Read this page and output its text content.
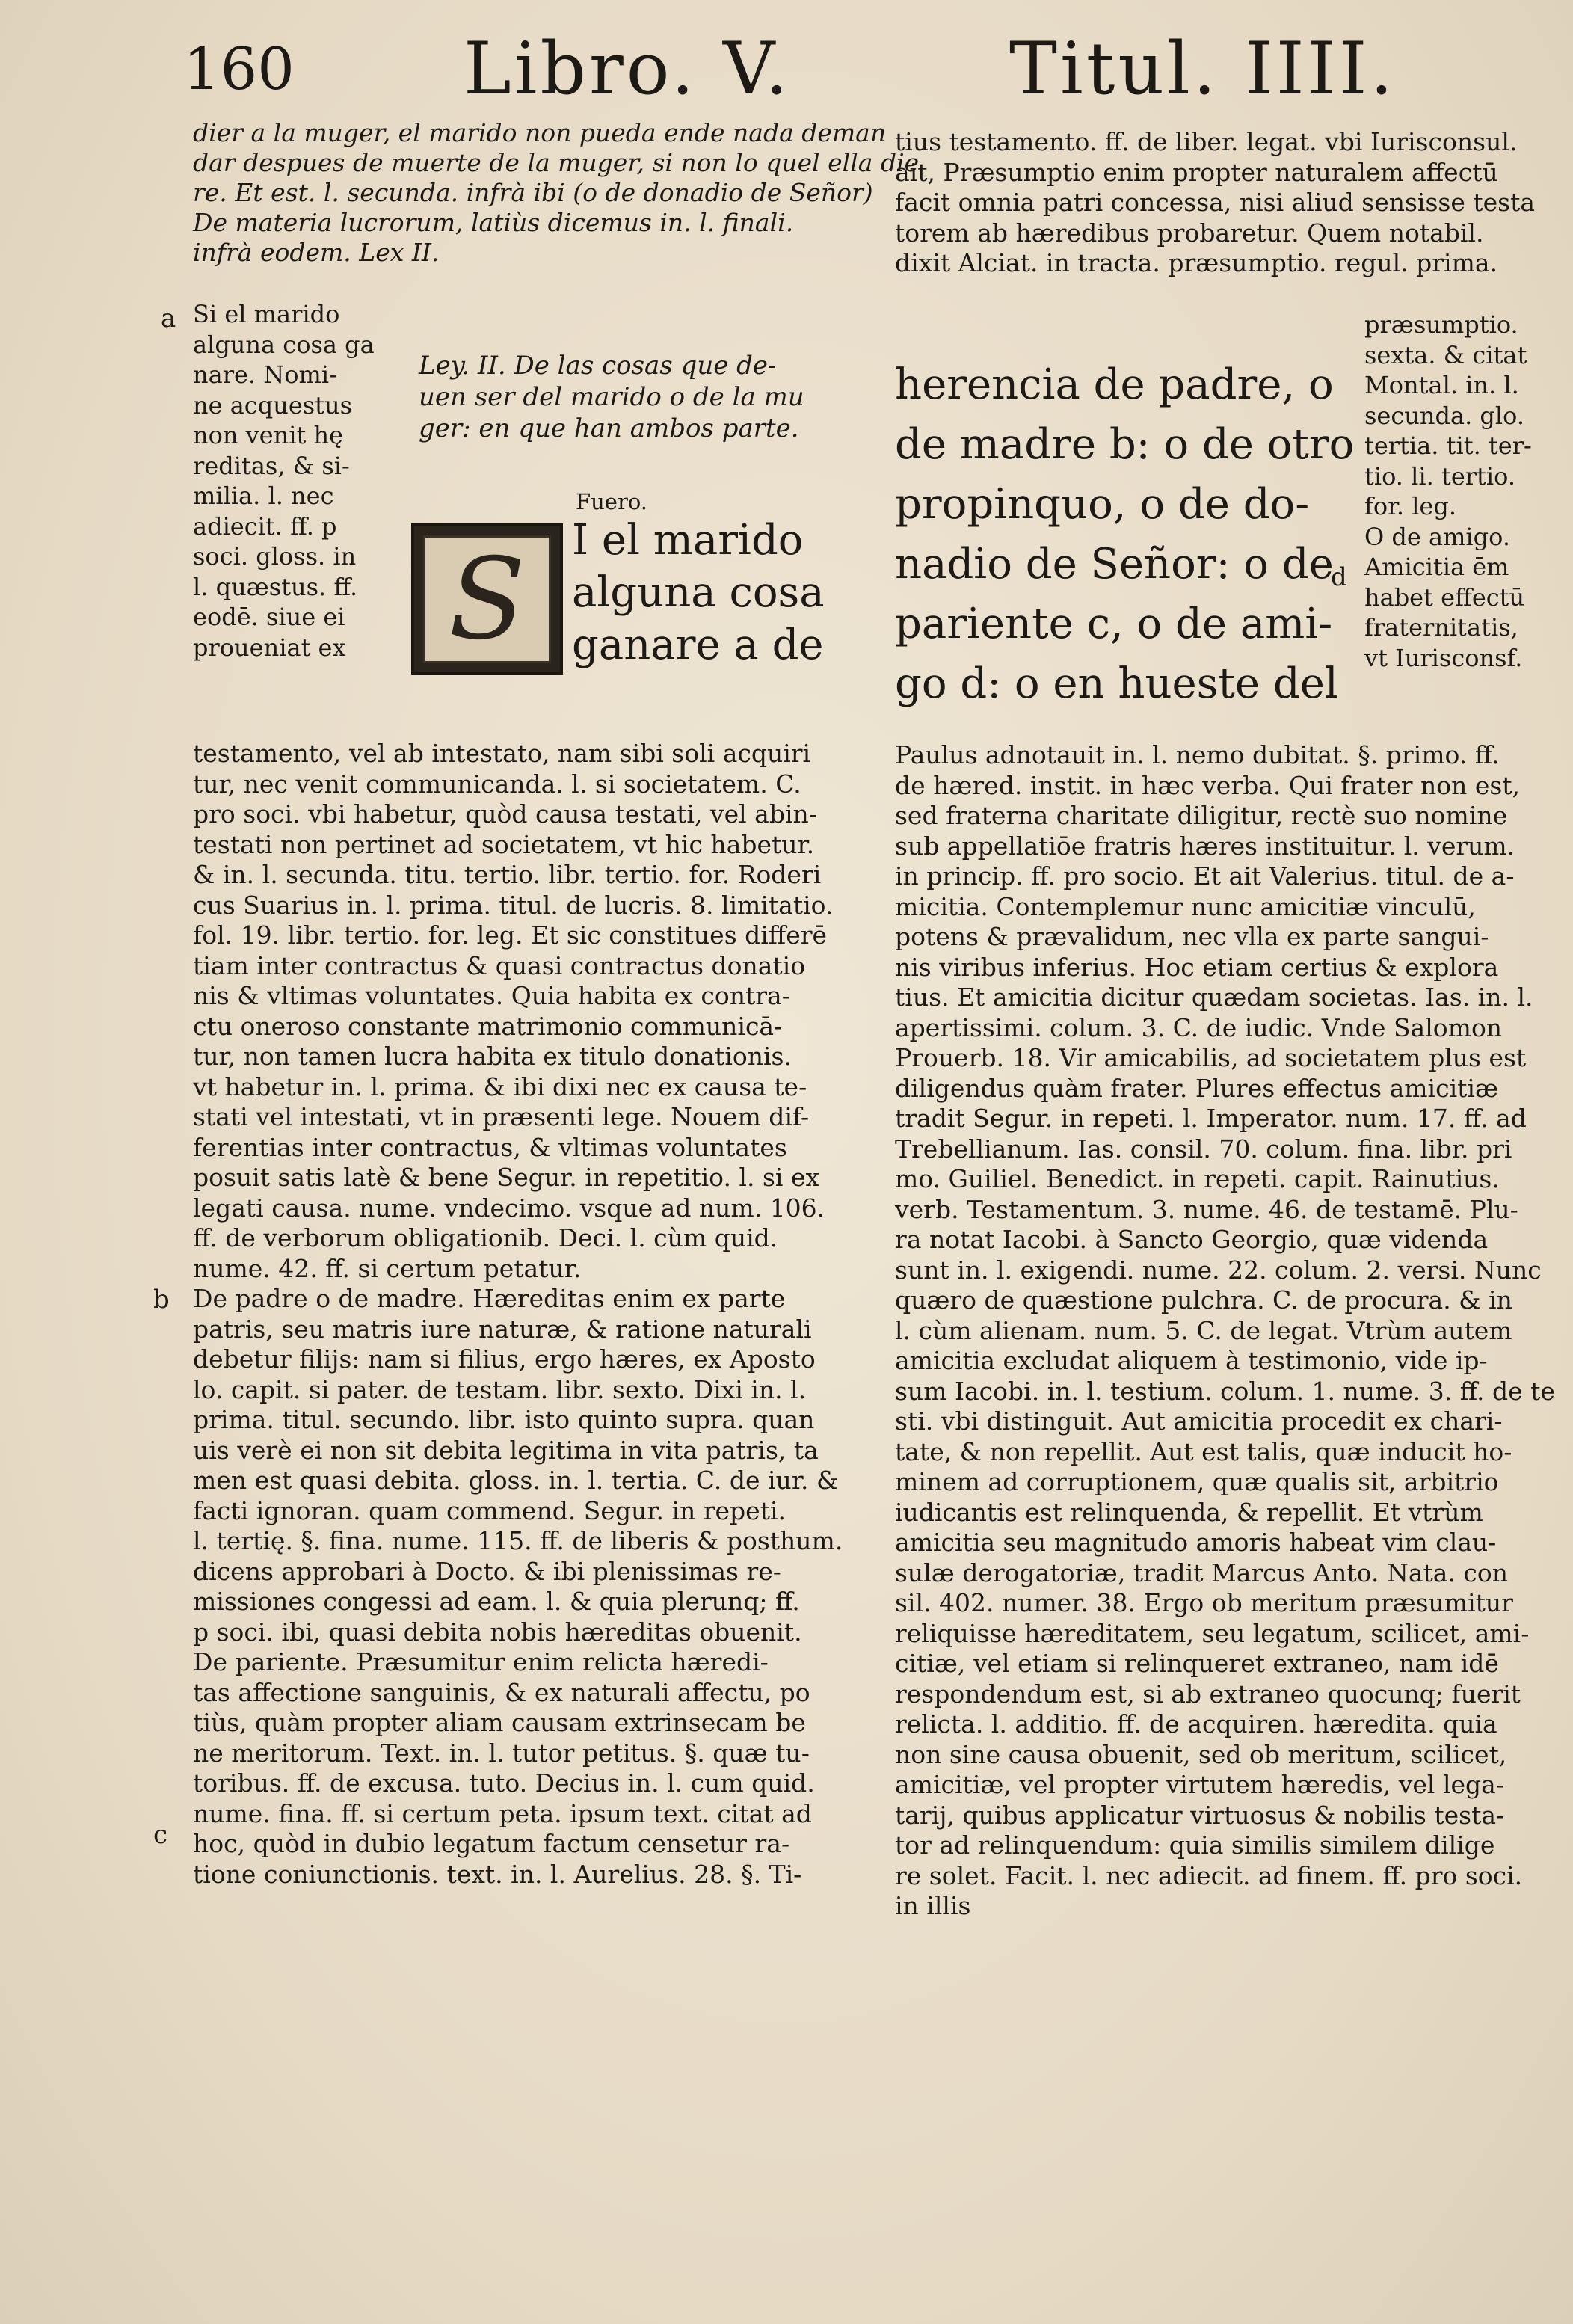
160 Libro. V.	Titul. IIII.
dier a la muger, el marido non pueda ende nada deman
dar despues de muerte de la muger, si non lo quel ella die
re. Et est. l. secunda. infrà ibi (o de donadio de Señor)
De materia lucrorum, latiùs dicemus in. l. finali.
infrà eodem. Lex II.
a Si el marido
alguna cosa ga
nare. Nomi-
ne acquestus
non venit hę
reditas, & si-
milia. l. nec
adiecit. ff. p
soci. gloss. in
l. quæstus. ff.
eodē. siue ei
proueniat ex
Ley. II. De las cosas que de-
uen ser del marido o de la mu
ger: en que han ambos parte.
Fuero.
S I el marido
alguna cosa
ganare a de
testamento, vel ab intestato, nam sibi soli acquiri
tur, nec venit communicanda. l. si societatem. C.
pro soci. vbi habetur, quòd causa testati, vel abin-
testati non pertinet ad societatem, vt hic habetur.
& in. l. secunda. titu. tertio. libr. tertio. for. Roderi
cus Suarius in. l. prima. titul. de lucris. 8. limitatio.
fol. 19. libr. tertio. for. leg. Et sic constitues differē
tiam inter contractus & quasi contractus donatio
nis & vltimas voluntates. Quia habita ex contra-
ctu oneroso constante matrimonio communicā-
tur, non tamen lucra habita ex titulo donationis.
vt habetur in. l. prima. & ibi dixi nec ex causa te-
stati vel intestati, vt in præsenti lege. Nouem dif-
ferentias inter contractus, & vltimas voluntates
posuit satis latè & bene Segur. in repetitio. l. si ex
legati causa. nume. vndecimo. vsque ad num. 106.
ff. de verborum obligationib. Deci. l. cùm quid.
nume. 42. ff. si certum petatur.
De padre o de madre. Hæreditas enim ex parte
patris, seu matris iure naturæ, & ratione naturali
debetur filijs: nam si filius, ergo hæres, ex Aposto
lo. capit. si pater. de testam. libr. sexto. Dixi in. l.
prima. titul. secundo. libr. isto quinto supra. quan
uis verè ei non sit debita legitima in vita patris, ta
men est quasi debita. gloss. in. l. tertia. C. de iur. &
facti ignoran. quam commend. Segur. in repeti.
l. tertię. §. fina. nume. 115. ff. de liberis & posthum.
dicens approbari à Docto. & ibi plenissimas re-
missiones congessi ad eam. l. & quia plerunq; ff.
p soci. ibi, quasi debita nobis hæreditas obuenit.
De pariente. Præsumitur enim relicta hæredi-
tas affectione sanguinis, & ex naturali affectu, po
tiùs, quàm propter aliam causam extrinsecam be
ne meritorum. Text. in. l. tutor petitus. §. quæ tu-
toribus. ff. de excusa. tuto. Decius in. l. cum quid.
nume. fina. ff. si certum peta. ipsum text. citat ad
hoc, quòd in dubio legatum factum censetur ra-
tione coniunctionis. text. in. l. Aurelius. 28. §. Ti-
b
c
tius testamento. ff. de liber. legat. vbi Iurisconsul.
ait, Præsumptio enim propter naturalem affectū
facit omnia patri concessa, nisi aliud sensisse testa
torem ab hæredibus probaretur. Quem notabil.
dixit Alciat. in tracta. præsumptio. regul. prima.
herencia de padre, o
de madre b: o de otro
propinquo, o de do-
nadio de Señor: o de
pariente c, o de ami-
go d: o en hueste del
d
præsumptio.
sexta. & citat
Montal. in. l.
secunda. glo.
tertia. tit. ter-
tio. li. tertio.
for. leg.
O de amigo.
Amicitia ēm
habet effectū
fraternitatis,
vt Iurisconsf.
Paulus adnotauit in. l. nemo dubitat. §. primo. ff.
de hæred. instit. in hæc verba. Qui frater non est,
sed fraterna charitate diligitur, rectè suo nomine
sub appellatiōe fratris hæres instituitur. l. verum.
in princip. ff. pro socio. Et ait Valerius. titul. de a-
micitia. Contemplemur nunc amicitiæ vinculū,
potens & prævalidum, nec vlla ex parte sangui-
nis viribus inferius. Hoc etiam certius & explora
tius. Et amicitia dicitur quædam societas. Ias. in. l.
apertissimi. colum. 3. C. de iudic. Vnde Salomon
Prouerb. 18. Vir amicabilis, ad societatem plus est
diligendus quàm frater. Plures effectus amicitiæ
tradit Segur. in repeti. l. Imperator. num. 17. ff. ad
Trebellianum. Ias. consil. 70. colum. fina. libr. pri
mo. Guiliel. Benedict. in repeti. capit. Rainutius.
verb. Testamentum. 3. nume. 46. de testamē. Plu-
ra notat Iacobi. à Sancto Georgio, quæ videnda
sunt in. l. exigendi. nume. 22. colum. 2. versi. Nunc
quæro de quæstione pulchra. C. de procura. & in
l. cùm alienam. num. 5. C. de legat. Vtrùm autem
amicitia excludat aliquem à testimonio, vide ip-
sum Iacobi. in. l. testium. colum. 1. nume. 3. ff. de te
sti. vbi distinguit. Aut amicitia procedit ex chari-
tate, & non repellit. Aut est talis, quæ inducit ho-
minem ad corruptionem, quæ qualis sit, arbitrio
iudicantis est relinquenda, & repellit. Et vtrùm
amicitia seu magnitudo amoris habeat vim clau-
sulæ derogatoriæ, tradit Marcus Anto. Nata. con
sil. 402. numer. 38. Ergo ob meritum præsumitur
reliquisse hæreditatem, seu legatum, scilicet, ami-
citiæ, vel etiam si relinqueret extraneo, nam idē
respondendum est, si ab extraneo quocunq; fuerit
relicta. l. additio. ff. de acquiren. hæredita. quia
non sine causa obuenit, sed ob meritum, scilicet,
amicitiæ, vel propter virtutem hæredis, vel lega-
tarij, quibus applicatur virtuosus & nobilis testa-
tor ad relinquendum: quia similis similem dilige
re solet. Facit. l. nec adiecit. ad finem. ff. pro soci.
in illis
